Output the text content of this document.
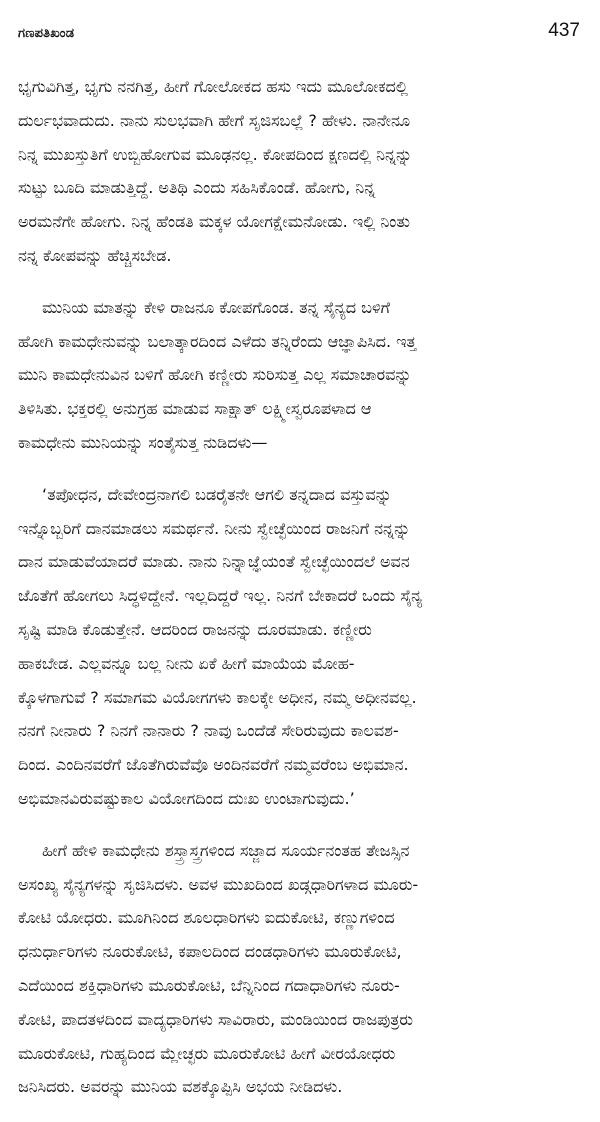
ಗಣಪತಿಖಂಡ	437

ಭೃಗುವಿಗಿತ್ತ, ಭೃಗು ನನಗಿತ್ತ, ಹೀಗೆ ಗೋಲೋಕದ ಹಸು ಇದು ಮೂಲೋಕದಲ್ಲಿ
ದುರ್ಲಭವಾದುದು. ನಾನು ಸುಲಭವಾಗಿ ಹೇಗೆ ಸೃಜಿಸಬಲ್ಲೆ ? ಹೇಳು. ನಾನೇನೂ
ನಿನ್ನ ಮುಖಸ್ತುತಿಗೆ ಉಬ್ಬಿಹೋಗುವ ಮೂಢನಲ್ಲ. ಕೋಪದಿಂದ ಕ್ಷಣದಲ್ಲಿ ನಿನ್ನನ್ನು
ಸುಟ್ಟು ಬೂದಿ ಮಾಡುತ್ತಿದ್ದೆ. ಅತಿಥಿ ಎಂದು ಸಹಿಸಿಕೊಂಡೆ. ಹೋಗು, ನಿನ್ನ
ಅರಮನೆಗೇ ಹೋಗು. ನಿನ್ನ ಹೆಂಡತಿ ಮಕ್ಕಳ ಯೋಗಕ್ಷೇಮನೋಡು. ಇಲ್ಲಿ ನಿಂತು
ನನ್ನ ಕೋಪವನ್ನು ಹೆಚ್ಚಿಸಬೇಡ.

ಮುನಿಯ ಮಾತನ್ನು ಕೇಳಿ ರಾಜನೂ ಕೋಪಗೊಂಡ. ತನ್ನ ಸೈನ್ಯದ ಬಳಿಗೆ
ಹೋಗಿ ಕಾಮಧೇನುವನ್ನು ಬಲಾತ್ಕಾರದಿಂದ ಎಳೆದು ತನ್ನಿರೆಂದು ಆಜ್ಞಾಪಿಸಿದ. ಇತ್ತ
ಮುನಿ ಕಾಮಧೇನುವಿನ ಬಳಿಗೆ ಹೋಗಿ ಕಣ್ಣೀರು ಸುರಿಸುತ್ತ ಎಲ್ಲ ಸಮಾಚಾರವನ್ನು
ತಿಳಿಸಿತು. ಭಕ್ತರಲ್ಲಿ ಅನುಗ್ರಹ ಮಾಡುವ ಸಾಕ್ಷಾತ್ ಲಕ್ಷ್ಮೀಸ್ವರೂಪಳಾದ ಆ
ಕಾಮಧೇನು ಮುನಿಯನ್ನು ಸಂತೈಸುತ್ತ ನುಡಿದಳು—

‘ತಪೋಧನ, ದೇವೇಂದ್ರನಾಗಲಿ ಬಡರೈತನೇ ಆಗಲಿ ತನ್ನದಾದ ವಸ್ತುವನ್ನು
ಇನ್ನೊಬ್ಬರಿಗೆ ದಾನಮಾಡಲು ಸಮರ್ಥನೆ. ನೀನು ಸ್ವೇಚ್ಛೆಯಿಂದ ರಾಜನಿಗೆ ನನ್ನನ್ನು
ದಾನ ಮಾಡುವೆಯಾದರೆ ಮಾಡು. ನಾನು ನಿನ್ನಾಜ್ಞೆಯಂತೆ ಸ್ವೇಚ್ಛೆಯಿಂದಲೆ ಅವನ
ಜೊತೆಗೆ ಹೋಗಲು ಸಿದ್ಧಳಿದ್ದೇನೆ. ಇಲ್ಲದಿದ್ದರೆ ಇಲ್ಲ. ನಿನಗೆ ಬೇಕಾದರೆ ಒಂದು ಸೈನ್ಯ
ಸೃಷ್ಟಿ ಮಾಡಿ ಕೊಡುತ್ತೇನೆ. ಆದರಿಂದ ರಾಜನನ್ನು ದೂರಮಾಡು. ಕಣ್ಣೀರು
ಹಾಕಬೇಡ. ಎಲ್ಲವನ್ನೂ ಬಲ್ಲ ನೀನು ಏಕೆ ಹೀಗೆ ಮಾಯೆಯ ಮೋಹ-
ಕ್ಕೊಳಗಾಗುವೆ ? ಸಮಾಗಮ ವಿಯೋಗಗಳು ಕಾಲಕ್ಕೇ ಅಧೀನ, ನಮ್ಮ ಅಧೀನವಲ್ಲ.
ನನಗೆ ನೀನಾರು ? ನಿನಗೆ ನಾನಾರು ? ನಾವು ಒಂದೆಡೆ ಸೇರಿರುವುದು ಕಾಲವಶ-
ದಿಂದ. ಎಂದಿನವರೆಗೆ ಜೊತೆಗಿರುವೆವೊ ಅಂದಿನವರೆಗೆ ನಮ್ಮವರೆಂಬ ಅಭಿಮಾನ.
ಅಭಿಮಾನವಿರುವಷ್ಟುಕಾಲ ವಿಯೋಗದಿಂದ ದುಃಖ ಉಂಟಾಗುವುದು.’

ಹೀಗೆ ಹೇಳಿ ಕಾಮಧೇನು ಶಸ್ತ್ರಾಸ್ತ್ರಗಳಿಂದ ಸಜ್ಜಾದ ಸೂರ್ಯನಂತಹ ತೇಜಸ್ಸಿನ
ಅಸಂಖ್ಯ ಸೈನ್ಯಗಳನ್ನು ಸೃಜಿಸಿದಳು. ಅವಳ ಮುಖದಿಂದ ಖಡ್ಗಧಾರಿಗಳಾದ ಮೂರು-
ಕೋಟಿ ಯೋಧರು. ಮೂಗಿನಿಂದ ಶೂಲಧಾರಿಗಳು ಐದುಕೋಟಿ, ಕಣ್ಣುಗಳಿಂದ
ಧನುರ್ಧಾರಿಗಳು ನೂರುಕೋಟಿ, ಕಪಾಲದಿಂದ ದಂಡಧಾರಿಗಳು ಮೂರುಕೋಟಿ,
ಎದೆಯಿಂದ ಶಕ್ತಿಧಾರಿಗಳು ಮೂರುಕೋಟಿ, ಬೆನ್ನಿನಿಂದ ಗದಾಧಾರಿಗಳು ನೂರು-
ಕೋಟಿ, ಪಾದತಳದಿಂದ ವಾದ್ಯಧಾರಿಗಳು ಸಾವಿರಾರು, ಮಂಡಿಯಿಂದ ರಾಜಪುತ್ರರು
ಮೂರುಕೋಟಿ, ಗುಹ್ಯದಿಂದ ಮ್ಲೇಚ್ಛರು ಮೂರುಕೋಟಿ ಹೀಗೆ ವೀರಯೋಧರು
ಜನಿಸಿದರು. ಅವರನ್ನು ಮುನಿಯ ವಶಕ್ಕೊಪ್ಪಿಸಿ ಅಭಯ ನೀಡಿದಳು.
